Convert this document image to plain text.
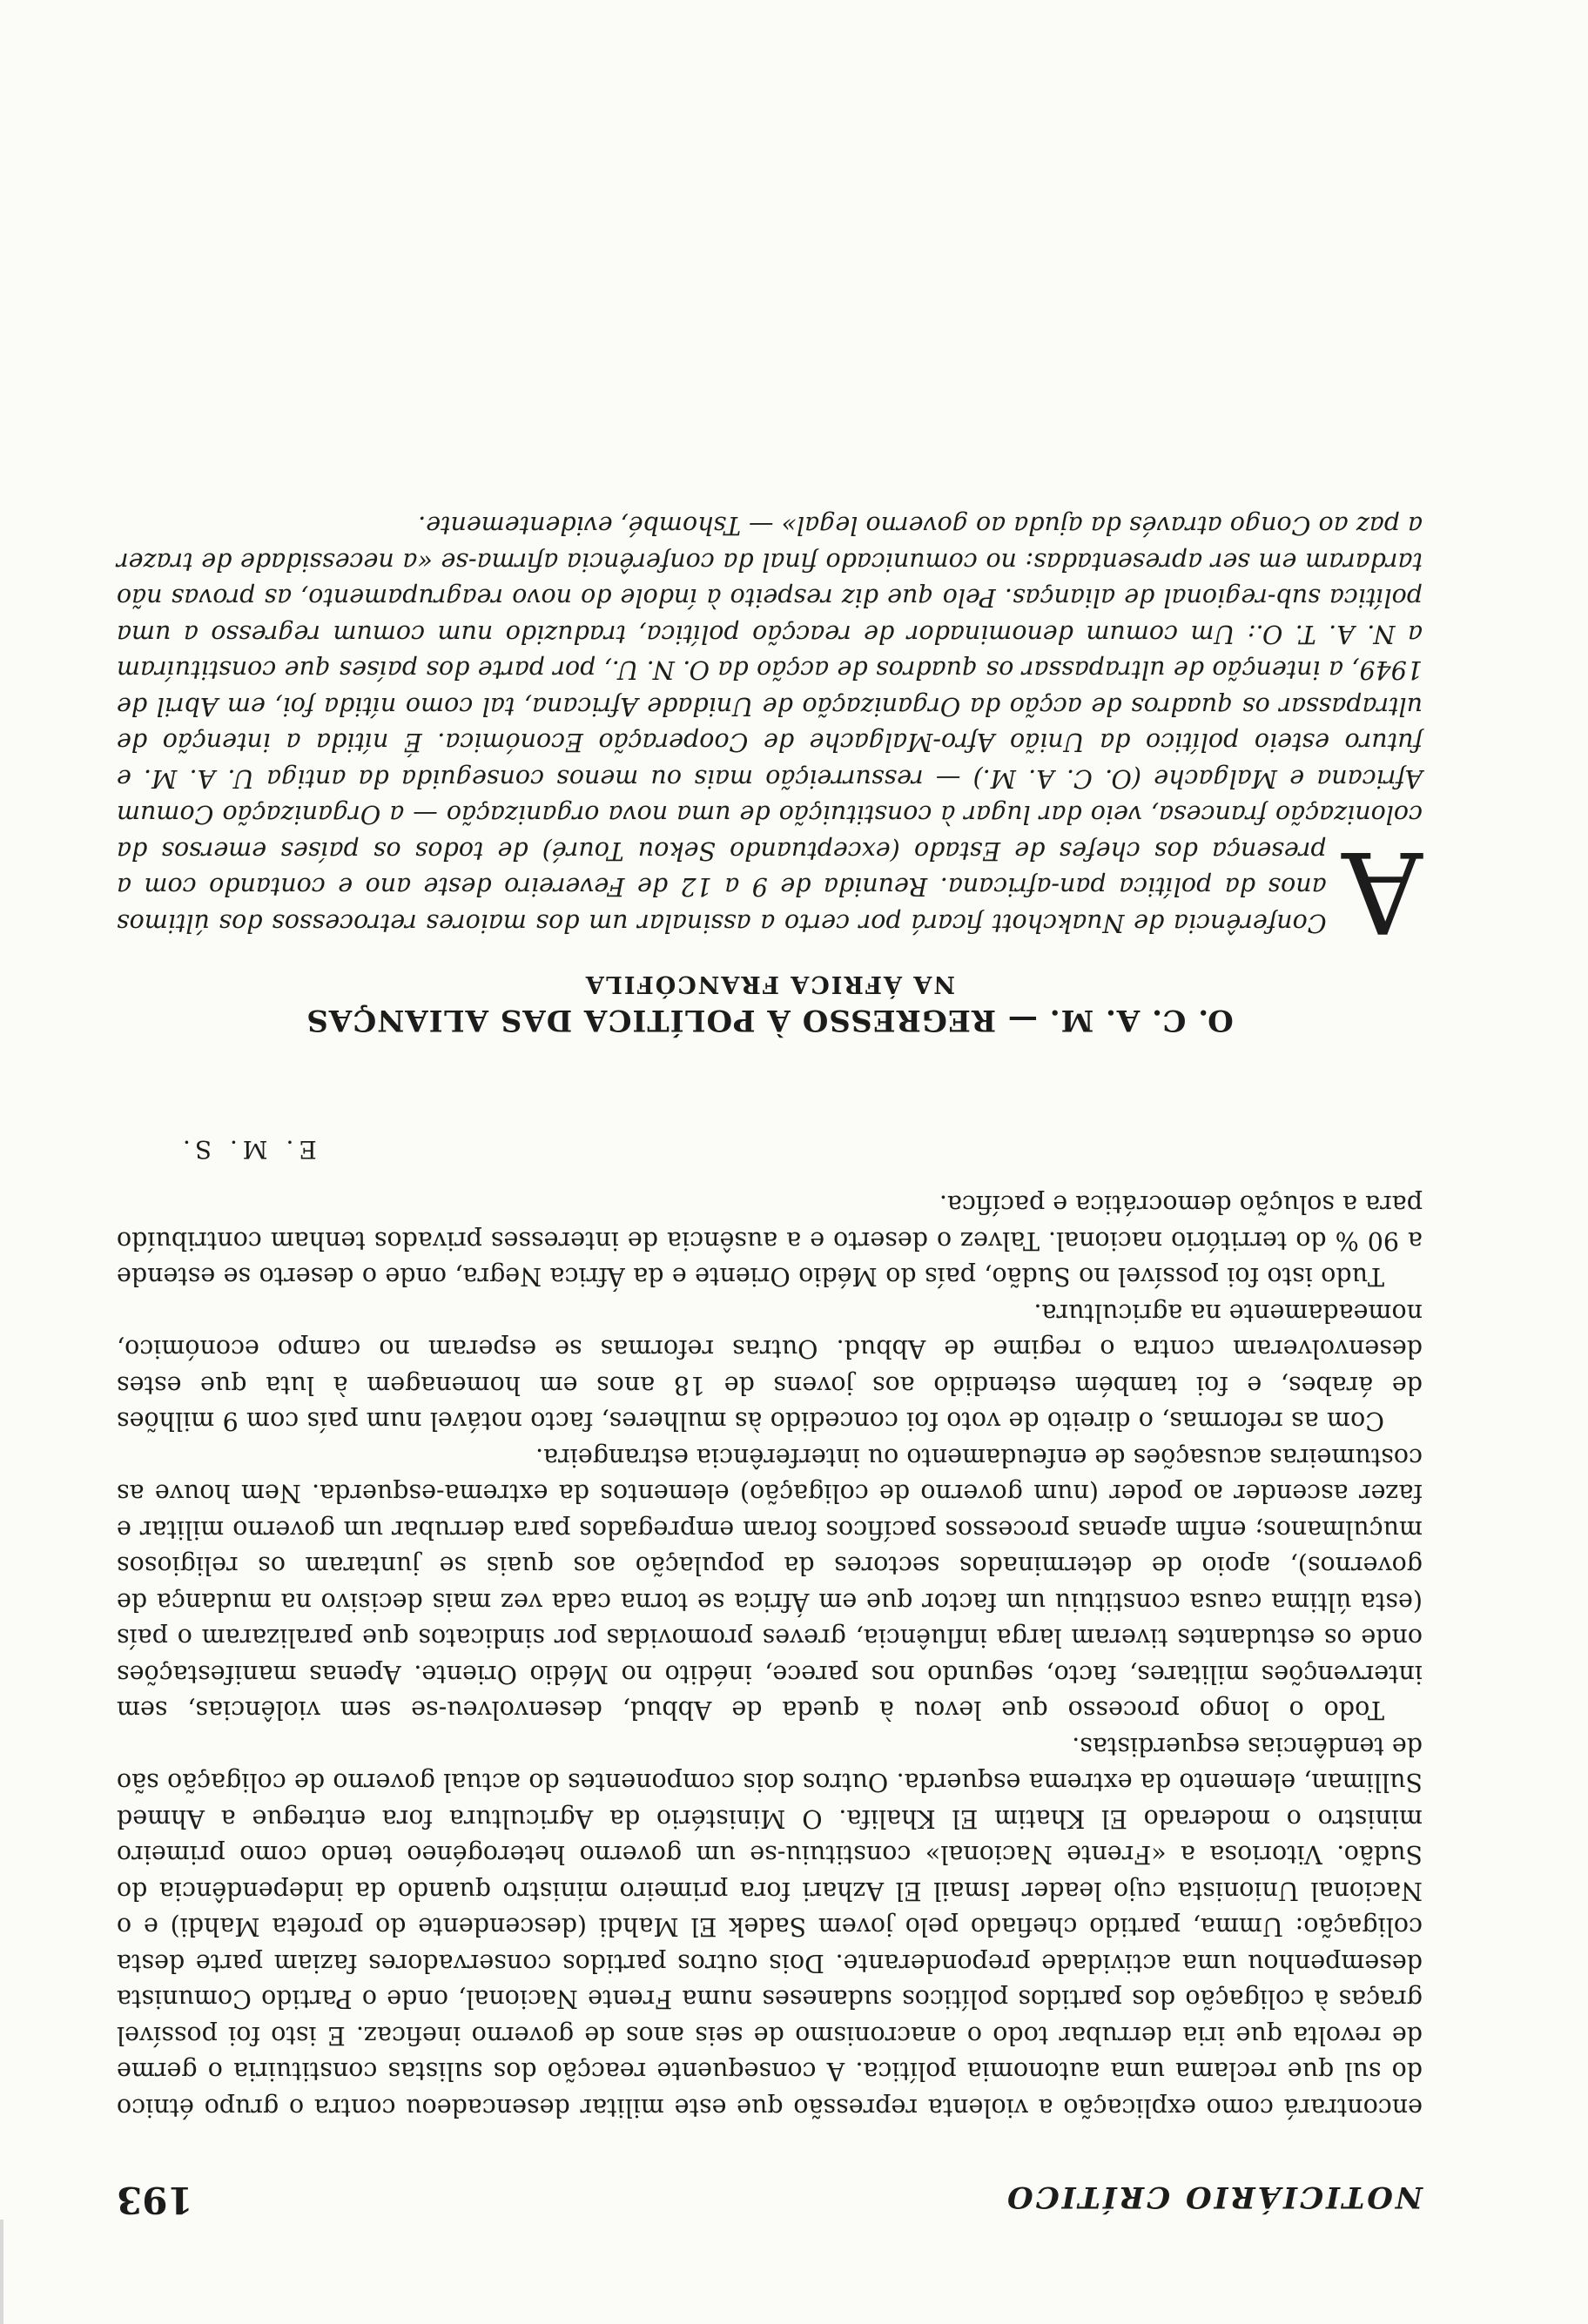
NOTICIÁRIO CRÍTICO
193

encontrará como explicação a violenta repressão que este militar desencadeou contra o grupo étnico do sul que reclama uma autonomia política. A consequente reacção dos sulistas constituiria o germe de revolta que iria derrubar todo o anacronismo de seis anos de governo ineficaz. E isto foi possível graças à coligação dos partidos políticos sudaneses numa Frente Nacional, onde o Partido Comunista desempenhou uma actividade preponderante. Dois outros partidos conservadores faziam parte desta coligação: Umma, partido chefiado pelo jovem Sadek El Mahdi (descendente do profeta Mahdi) e o Nacional Unionista cujo leader Ismail El Azhari fora primeiro ministro quando da independência do Sudão. Vitoriosa a «Frente Nacional» constituiu-se um governo heterogéneo tendo como primeiro ministro o moderado El Khatim El Khalifa. O Ministério da Agricultura fora entregue a Ahmed Sulliman, elemento da extrema esquerda. Outros dois componentes do actual governo de coligação são de tendências esquerdistas.

Todo o longo processo que levou à queda de Abbud, desenvolveu-se sem violências, sem intervenções militares, facto, segundo nos parece, inédito no Médio Oriente. Apenas manifestações onde os estudantes tiveram larga influência, greves promovidas por sindicatos que paralizaram o país (esta última causa constituiu um factor que em África se torna cada vez mais decisivo na mudança de governos), apoio de determinados sectores da população aos quais se juntaram os religiosos muçulmanos; enfim apenas processos pacíficos foram empregados para derrubar um governo militar e fazer ascender ao poder (num governo de coligação) elementos da extrema-esquerda. Nem houve as costumeiras acusações de enfeudamento ou interferência estrangeira.

Com as reformas, o direito de voto foi concedido às mulheres, facto notável num país com 9 milhões de árabes, e foi também estendido aos jovens de 18 anos em homenagem à luta que estes desenvolveram contra o regime de Abbud. Outras reformas se esperam no campo económico, nomeadamente na agricultura.

Tudo isto foi possível no Sudão, país do Médio Oriente e da África Negra, onde o deserto se estende a 90 % do território nacional. Talvez o deserto e a ausência de interesses privados tenham contribuído para a solução democrática e pacífica.

E. M. S.
O. C. A. M. — REGRESSO À POLÍTICA DAS ALIANÇAS
NA ÁFRICA FRANCÓFILA

A
Conferência de Nuakchott ficará por certo a assinalar um dos maiores retrocessos dos últimos anos da política pan-africana. Reunida de 9 a 12 de Fevereiro deste ano e contando com a presença dos chefes de Estado (exceptuando Sekou Touré) de todos os países emersos da colonização francesa, veio dar lugar à constituição de uma nova organização — a Organização Comum Africana e Malgache (O. C. A. M.) — ressurreição mais ou menos conseguida da antiga U. A. M. e futuro esteio político da União Afro-Malgache de Cooperação Económica. É nítida a intenção de ultrapassar os quadros de acção da Organização de Unidade Africana, tal como nítida foi, em Abril de 1949, a intenção de ultrapassar os quadros de acção da O. N. U., por parte dos países que constituíram a N. A. T. O.: Um comum denominador de reacção política, traduzido num comum regresso a uma política sub-regional de alianças. Pelo que diz respeito à índole do novo reagrupamento, as provas não tardaram em ser apresentadas: no comunicado final da conferência afirma-se «a necessidade de trazer a paz ao Congo através da ajuda ao governo legal» — Tshombé, evidentemente.
